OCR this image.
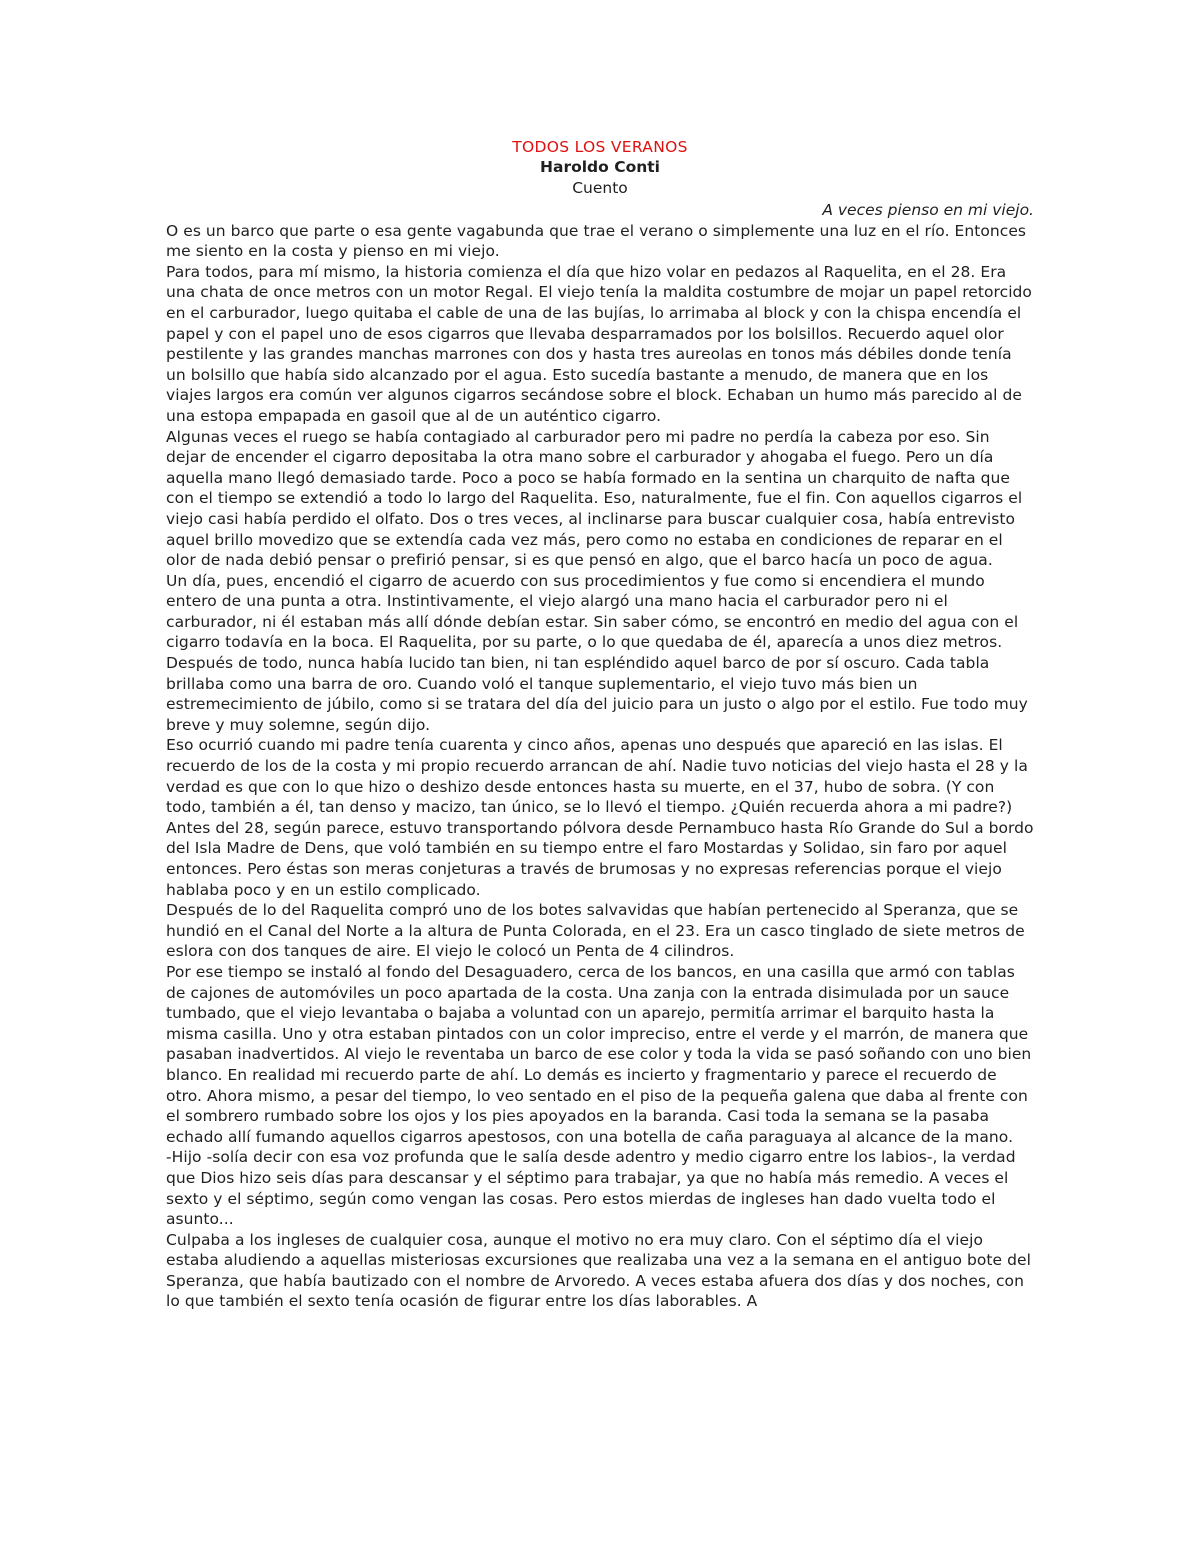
TODOS LOS VERANOS

Haroldo Conti

Cuento

A veces pienso en mi viejo.

O es un barco que parte o esa gente vagabunda que trae el verano o simplemente una luz en el río. Entonces me siento en la costa y pienso en mi viejo.

Para todos, para mí mismo, la historia comienza el día que hizo volar en pedazos al Raquelita, en el 28. Era una chata de once metros con un motor Regal. El viejo tenía la maldita costumbre de mojar un papel retorcido en el carburador, luego quitaba el cable de una de las bujías, lo arrimaba al block y con la chispa encendía el papel y con el papel uno de esos cigarros que llevaba desparramados por los bolsillos. Recuerdo aquel olor pestilente y las grandes manchas marrones con dos y hasta tres aureolas en tonos más débiles donde tenía un bolsillo que había sido alcanzado por el agua. Esto sucedía bastante a menudo, de manera que en los viajes largos era común ver algunos cigarros secándose sobre el block. Echaban un humo más parecido al de una estopa empapada en gasoil que al de un auténtico cigarro.

Algunas veces el ruego se había contagiado al carburador pero mi padre no perdía la cabeza por eso. Sin dejar de encender el cigarro depositaba la otra mano sobre el carburador y ahogaba el fuego. Pero un día aquella mano llegó demasiado tarde. Poco a poco se había formado en la sentina un charquito de nafta que con el tiempo se extendió a todo lo largo del Raquelita. Eso, naturalmente, fue el fin. Con aquellos cigarros el viejo casi había perdido el olfato. Dos o tres veces, al inclinarse para buscar cualquier cosa, había entrevisto aquel brillo movedizo que se extendía cada vez más, pero como no estaba en condiciones de reparar en el olor de nada debió pensar o prefirió pensar, si es que pensó en algo, que el barco hacía un poco de agua.

Un día, pues, encendió el cigarro de acuerdo con sus procedimientos y fue como si encendiera el mundo entero de una punta a otra. Instintivamente, el viejo alargó una mano hacia el carburador pero ni el carburador, ni él estaban más allí dónde debían estar. Sin saber cómo, se encontró en medio del agua con el cigarro todavía en la boca. El Raquelita, por su parte, o lo que quedaba de él, aparecía a unos diez metros. Después de todo, nunca había lucido tan bien, ni tan espléndido aquel barco de por sí oscuro. Cada tabla brillaba como una barra de oro. Cuando voló el tanque suplementario, el viejo tuvo más bien un estremecimiento de júbilo, como si se tratara del día del juicio para un justo o algo por el estilo. Fue todo muy breve y muy solemne, según dijo.

Eso ocurrió cuando mi padre tenía cuarenta y cinco años, apenas uno después que apareció en las islas. El recuerdo de los de la costa y mi propio recuerdo arrancan de ahí. Nadie tuvo noticias del viejo hasta el 28 y la verdad es que con lo que hizo o deshizo desde entonces hasta su muerte, en el 37, hubo de sobra. (Y con todo, también a él, tan denso y macizo, tan único, se lo llevó el tiempo. ¿Quién recuerda ahora a mi padre?)

Antes del 28, según parece, estuvo transportando pólvora desde Pernambuco hasta Río Grande do Sul a bordo del Isla Madre de Dens, que voló también en su tiempo entre el faro Mostardas y Solidao, sin faro por aquel entonces. Pero éstas son meras conjeturas a través de brumosas y no expresas referencias porque el viejo hablaba poco y en un estilo complicado.

Después de lo del Raquelita compró uno de los botes salvavidas que habían pertenecido al Speranza, que se hundió en el Canal del Norte a la altura de Punta Colorada, en el 23. Era un casco tinglado de siete metros de eslora con dos tanques de aire. El viejo le colocó un Penta de 4 cilindros.

Por ese tiempo se instaló al fondo del Desaguadero, cerca de los bancos, en una casilla que armó con tablas de cajones de automóviles un poco apartada de la costa. Una zanja con la entrada disimulada por un sauce tumbado, que el viejo levantaba o bajaba a voluntad con un aparejo, permitía arrimar el barquito hasta la misma casilla. Uno y otra estaban pintados con un color impreciso, entre el verde y el marrón, de manera que pasaban inadvertidos. Al viejo le reventaba un barco de ese color y toda la vida se pasó soñando con uno bien blanco. En realidad mi recuerdo parte de ahí. Lo demás es incierto y fragmentario y parece el recuerdo de otro. Ahora mismo, a pesar del tiempo, lo veo sentado en el piso de la pequeña galena que daba al frente con el sombrero rumbado sobre los ojos y los pies apoyados en la baranda. Casi toda la semana se la pasaba echado allí fumando aquellos cigarros apestosos, con una botella de caña paraguaya al alcance de la mano.

-Hijo -solía decir con esa voz profunda que le salía desde adentro y medio cigarro entre los labios-, la verdad que Dios hizo seis días para descansar y el séptimo para trabajar, ya que no había más remedio. A veces el sexto y el séptimo, según como vengan las cosas. Pero estos mierdas de ingleses han dado vuelta todo el asunto...

Culpaba a los ingleses de cualquier cosa, aunque el motivo no era muy claro. Con el séptimo día el viejo estaba aludiendo a aquellas misteriosas excursiones que realizaba una vez a la semana en el antiguo bote del Speranza, que había bautizado con el nombre de Arvoredo. A veces estaba afuera dos días y dos noches, con lo que también el sexto tenía ocasión de figurar entre los días laborables. A
